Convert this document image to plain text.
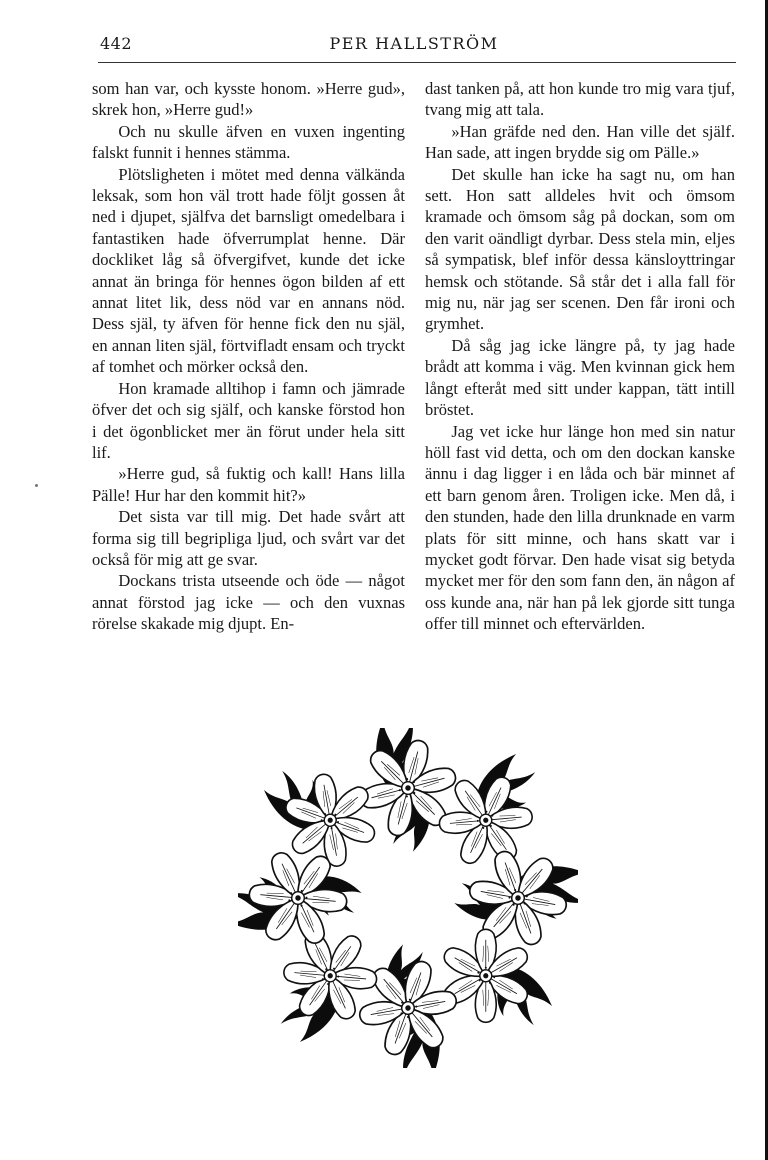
442	PER HALLSTRÖM

som han var, och kysste honom. »Herre gud», skrek hon, »Herre gud!»

Och nu skulle äfven en vuxen ingenting falskt funnit i hennes stämma.

Plötsligheten i mötet med denna välkända leksak, som hon väl trott hade följt gossen åt ned i djupet, själfva det barnsligt omedelbara i fantastiken hade öfverrumplat henne. Där dockliket låg så öfvergifvet, kunde det icke annat än bringa för hennes ögon bilden af ett annat litet lik, dess nöd var en annans nöd. Dess själ, ty äfven för henne fick den nu själ, en annan liten själ, förtvifladt ensam och tryckt af tomhet och mörker också den.

Hon kramade alltihop i famn och jämrade öfver det och sig själf, och kanske förstod hon i det ögonblicket mer än förut under hela sitt lif.

»Herre gud, så fuktig och kall! Hans lilla Pälle! Hur har den kommit hit?»

Det sista var till mig. Det hade svårt att forma sig till begripliga ljud, och svårt var det också för mig att ge svar.

Dockans trista utseende och öde — något annat förstod jag icke — och den vuxnas rörelse skakade mig djupt. En-

dast tanken på, att hon kunde tro mig vara tjuf, tvang mig att tala.

»Han gräfde ned den. Han ville det själf. Han sade, att ingen brydde sig om Pälle.»

Det skulle han icke ha sagt nu, om han sett. Hon satt alldeles hvit och ömsom kramade och ömsom såg på dockan, som om den varit oändligt dyrbar. Dess stela min, eljes så sympatisk, blef inför dessa känsloyttringar hemsk och stötande. Så står det i alla fall för mig nu, när jag ser scenen. Den får ironi och grymhet.

Då såg jag icke längre på, ty jag hade brådt att komma i väg. Men kvinnan gick hem långt efteråt med sitt under kappan, tätt intill bröstet.

Jag vet icke hur länge hon med sin natur höll fast vid detta, och om den dockan kanske ännu i dag ligger i en låda och bär minnet af ett barn genom åren. Troligen icke. Men då, i den stunden, hade den lilla drunknade en varm plats för sitt minne, och hans skatt var i mycket godt förvar. Den hade visat sig betyda mycket mer för den som fann den, än någon af oss kunde ana, när han på lek gjorde sitt tunga offer till minnet och eftervärlden.
